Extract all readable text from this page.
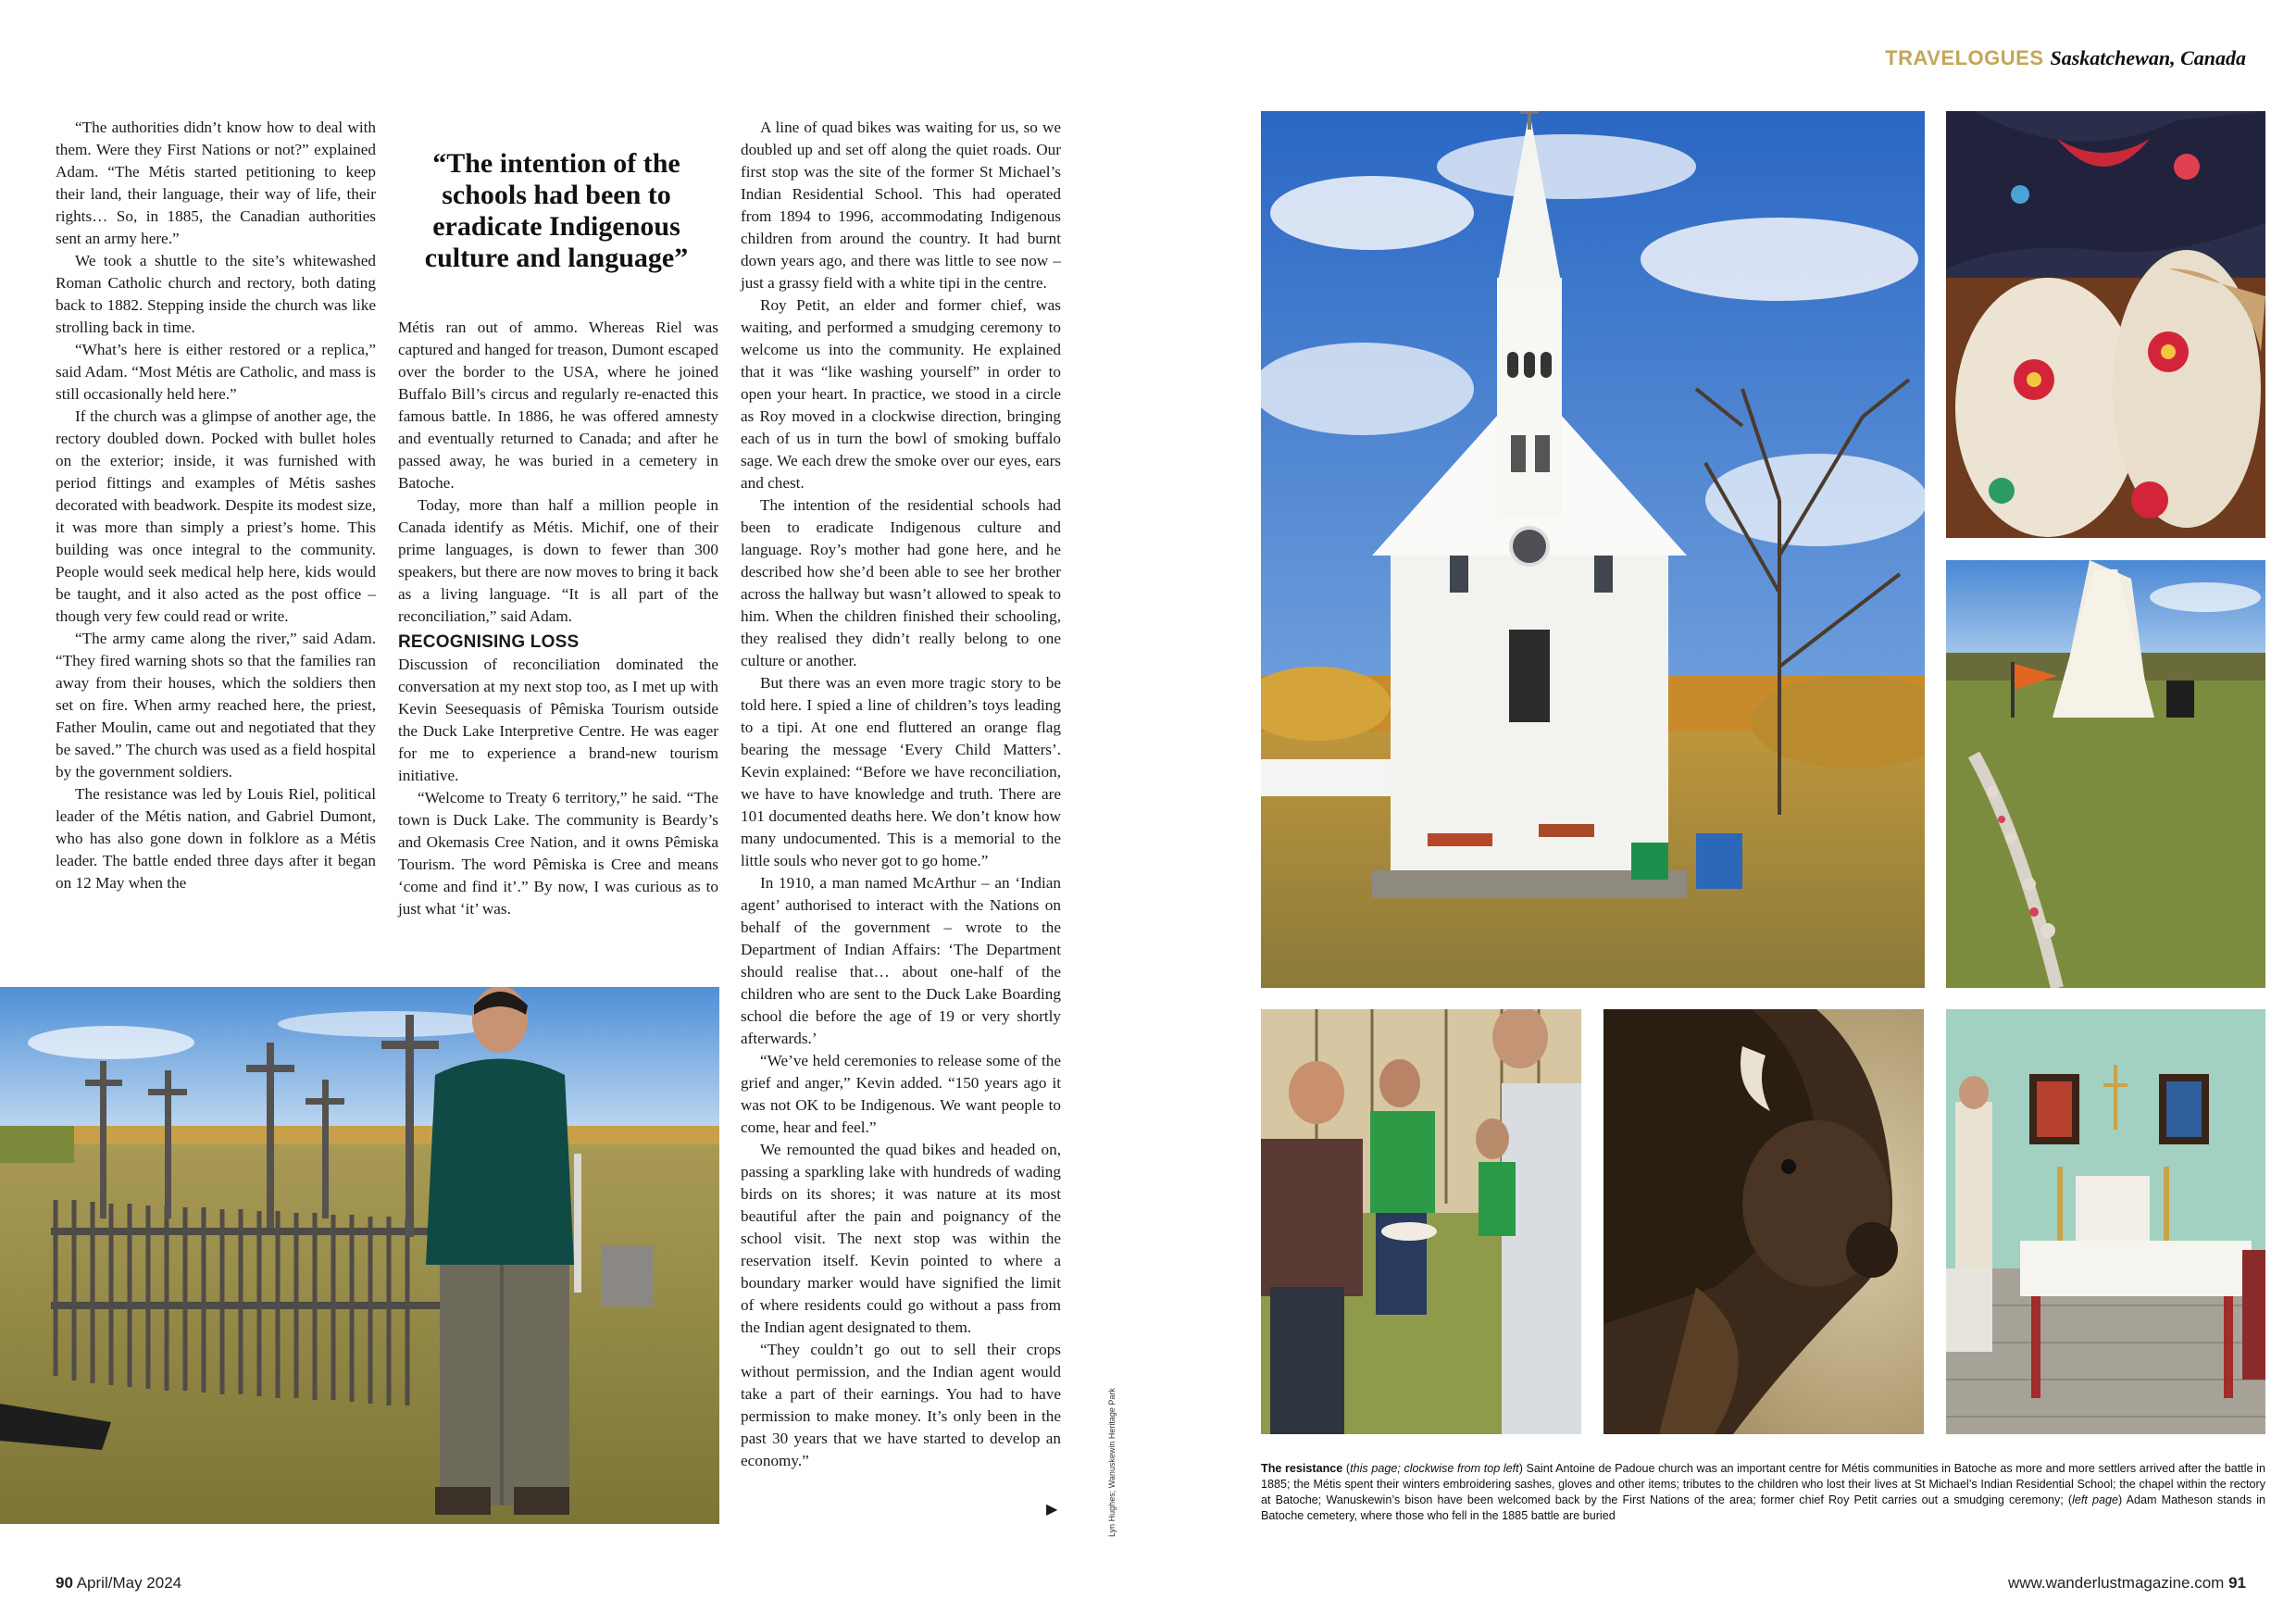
TRAVELOGUES Saskatchewan, Canada

“The authorities didn’t know how to deal with them. Were they First Nations or not?” explained Adam. “The Métis started petitioning to keep their land, their language, their way of life, their rights… So, in 1885, the Canadian authorities sent an army here.”

We took a shuttle to the site’s whitewashed Roman Catholic church and rectory, both dating back to 1882. Stepping inside the church was like strolling back in time.

“What’s here is either restored or a replica,” said Adam. “Most Métis are Catholic, and mass is still occasionally held here.”

If the church was a glimpse of another age, the rectory doubled down. Pocked with bullet holes on the exterior; inside, it was furnished with period fittings and examples of Métis sashes decorated with beadwork. Despite its modest size, it was more than simply a priest’s home. This building was once integral to the community. People would seek medical help here, kids would be taught, and it also acted as the post office – though very few could read or write.

“The army came along the river,” said Adam. “They fired warning shots so that the families ran away from their houses, which the soldiers then set on fire. When army reached here, the priest, Father Moulin, came out and negotiated that they be saved.” The church was used as a field hospital by the government soldiers.

The resistance was led by Louis Riel, political leader of the Métis nation, and Gabriel Dumont, who has also gone down in folklore as a Métis leader. The battle ended three days after it began on 12 May when the

“The intention of the schools had been to eradicate Indigenous culture and language”

Métis ran out of ammo. Whereas Riel was captured and hanged for treason, Dumont escaped over the border to the USA, where he joined Buffalo Bill’s circus and regularly re-enacted this famous battle. In 1886, he was offered amnesty and eventually returned to Canada; and after he passed away, he was buried in a cemetery in Batoche.

Today, more than half a million people in Canada identify as Métis. Michif, one of their prime languages, is down to fewer than 300 speakers, but there are now moves to bring it back as a living language. “It is all part of the reconciliation,” said Adam.

RECOGNISING LOSS

Discussion of reconciliation dominated the conversation at my next stop too, as I met up with Kevin Seesequasis of Pêmiska Tourism outside the Duck Lake Interpretive Centre. He was eager for me to experience a brand-new tourism initiative.

“Welcome to Treaty 6 territory,” he said. “The town is Duck Lake. The community is Beardy’s and Okemasis Cree Nation, and it owns Pêmiska Tourism. The word Pêmiska is Cree and means ‘come and find it’.” By now, I was curious as to just what ‘it’ was.

A line of quad bikes was waiting for us, so we doubled up and set off along the quiet roads. Our first stop was the site of the former St Michael’s Indian Residential School. This had operated from 1894 to 1996, accommodating Indigenous children from around the country. It had burnt down years ago, and there was little to see now – just a grassy field with a white tipi in the centre.

Roy Petit, an elder and former chief, was waiting, and performed a smudging ceremony to welcome us into the community. He explained that it was “like washing yourself” in order to open your heart. In practice, we stood in a circle as Roy moved in a clockwise direction, bringing each of us in turn the bowl of smoking buffalo sage. We each drew the smoke over our eyes, ears and chest.

The intention of the residential schools had been to eradicate Indigenous culture and language. Roy’s mother had gone here, and he described how she’d been able to see her brother across the hallway but wasn’t allowed to speak to him. When the children finished their schooling, they realised they didn’t really belong to one culture or another.

But there was an even more tragic story to be told here. I spied a line of children’s toys leading to a tipi. At one end fluttered an orange flag bearing the message ‘Every Child Matters’. Kevin explained: “Before we have reconciliation, we have to have knowledge and truth. There are 101 documented deaths here. We don’t know how many undocumented. This is a memorial to the little souls who never got to go home.”

In 1910, a man named McArthur – an ‘Indian agent’ authorised to interact with the Nations on behalf of the government – wrote to the Department of Indian Affairs: ‘The Department should realise that… about one-half of the children who are sent to the Duck Lake Boarding school die before the age of 19 or very shortly afterwards.’

“We’ve held ceremonies to release some of the grief and anger,” Kevin added. “150 years ago it was not OK to be Indigenous. We want people to come, hear and feel.”

We remounted the quad bikes and headed on, passing a sparkling lake with hundreds of wading birds on its shores; it was nature at its most beautiful after the pain and poignancy of the school visit. The next stop was within the reservation itself. Kevin pointed to where a boundary marker would have signified the limit of where residents could go without a pass from the Indian agent designated to them.

“They couldn’t go out to sell their crops without permission, and the Indian agent would take a part of their earnings. You had to have permission to make money. It’s only been in the past 30 years that we have started to develop an economy.”

▶	Lyn Hughes; Wanuskewin Heritage Park	The resistance (this page; clockwise from top left) Saint Antoine de Padoue church was an important centre for Métis communities in Batoche as more and more settlers arrived after the battle in 1885; the Métis spent their winters embroidering sashes, gloves and other items; tributes to the children who lost their lives at St Michael’s Indian Residential School; the chapel within the rectory at Batoche; Wanuskewin’s bison have been welcomed back by the First Nations of the area; former chief Roy Petit carries out a smudging ceremony; (left page) Adam Matheson stands in Batoche cemetery, where those who fell in the 1885 battle are buried
90 April/May 2024	www.wanderlustmagazine.com 91
